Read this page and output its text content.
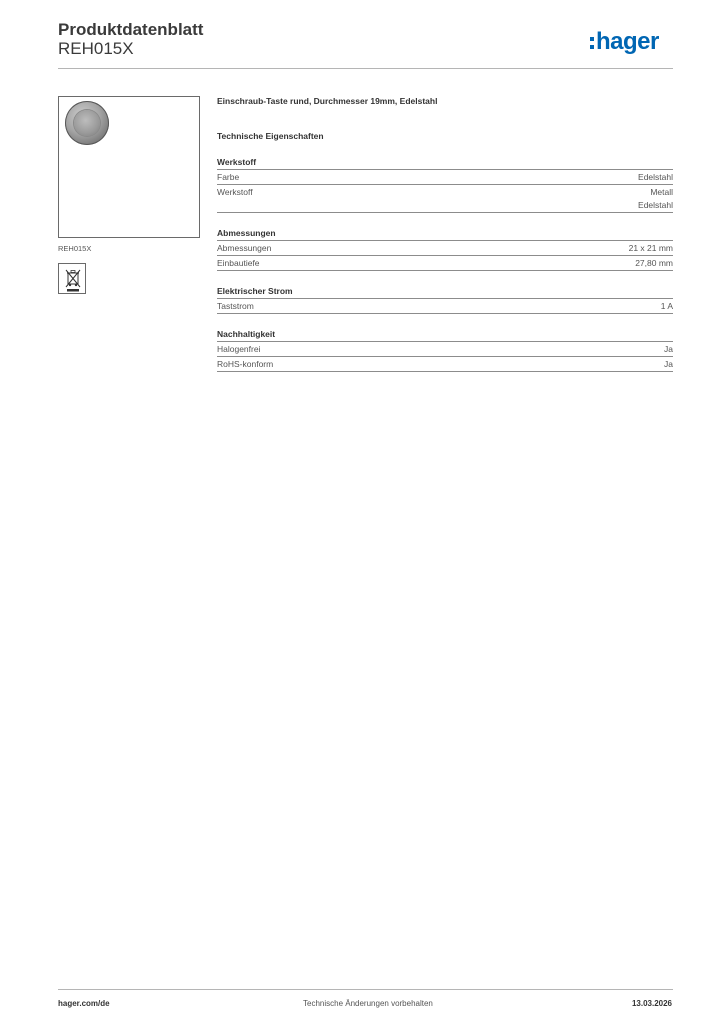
Produktdatenblatt
REH015X	hager
REH015X
Einschraub-Taste rund, Durchmesser 19mm, Edelstahl
Technische Eigenschaften
Werkstoff
Farbe	Edelstahl
Werkstoff	Metall
Edelstahl
Abmessungen
Abmessungen	21 x 21 mm
Einbautiefe	27,80 mm
Elektrischer Strom
Taststrom	1 A
Nachhaltigkeit
Halogenfrei	Ja
RoHS-konform	Ja
hager.com/de	Technische Änderungen vorbehalten	13.03.2026
